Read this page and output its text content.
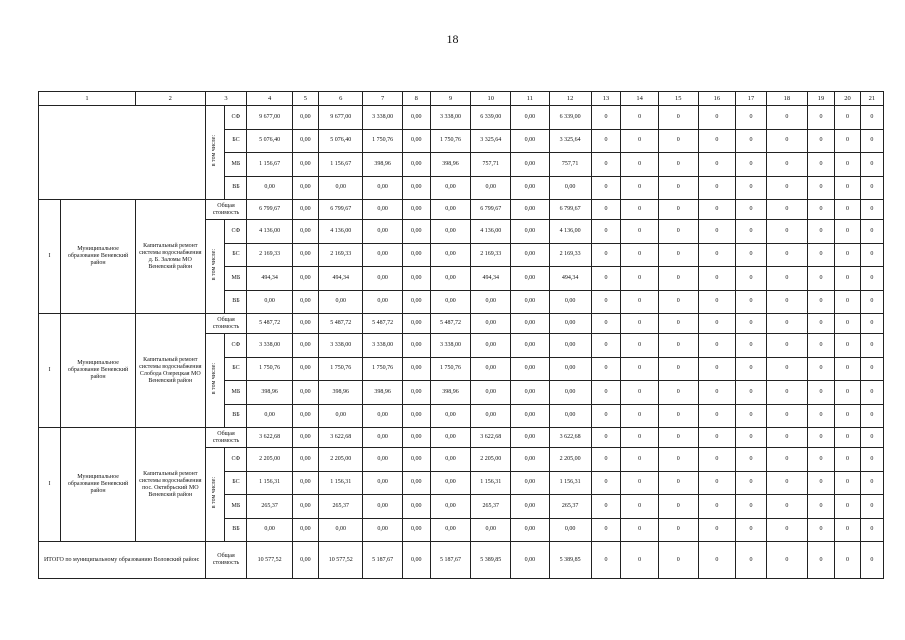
18
1		2	3		4	5	6	7	8	9	10	11	12	13	14	15	16	17	18	19	20	21
			в том числе:	СФ	9 677,00	0,00	9 677,00	3 338,00	0,00	3 338,00	6 339,00	0,00	6 339,00	0	0	0	0	0	0	0	0	0
				БС	5 076,40	0,00	5 076,40	1 750,76	0,00	1 750,76	3 325,64	0,00	3 325,64	0	0	0	0	0	0	0	0	0
				МБ	1 156,67	0,00	1 156,67	398,96	0,00	398,96	757,71	0,00	757,71	0	0	0	0	0	0	0	0	0
				ВБ	0,00	0,00	0,00	0,00	0,00	0,00	0,00	0,00	0,00	0	0	0	0	0	0	0	0	0
I	Муниципальное образование Веневский район	Капитальный ремонт системы водоснабжения д. Б. Заломы МО Веневский район	Общая стоимость		6 799,67	0,00	6 799,67	0,00	0,00	0,00	6 799,67	0,00	6 799,67	0	0	0	0	0	0	0	0	0
			в том числе:	СФ	4 136,00	0,00	4 136,00	0,00	0,00	0,00	4 136,00	0,00	4 136,00	0	0	0	0	0	0	0	0	0
				БС	2 169,33	0,00	2 169,33	0,00	0,00	0,00	2 169,33	0,00	2 169,33	0	0	0	0	0	0	0	0	0
				МБ	494,34	0,00	494,34	0,00	0,00	0,00	494,34	0,00	494,34	0	0	0	0	0	0	0	0	0
				ВБ	0,00	0,00	0,00	0,00	0,00	0,00	0,00	0,00	0,00	0	0	0	0	0	0	0	0	0
I	Муниципальное образование Веневский район	Капитальный ремонт системы водоснабжения Слобода Озерецкая МО Веневский район	Общая стоимость		5 487,72	0,00	5 487,72	5 487,72	0,00	5 487,72	0,00	0,00	0,00	0	0	0	0	0	0	0	0	0
			в том числе:	СФ	3 338,00	0,00	3 338,00	3 338,00	0,00	3 338,00	0,00	0,00	0,00	0	0	0	0	0	0	0	0	0
				БС	1 750,76	0,00	1 750,76	1 750,76	0,00	1 750,76	0,00	0,00	0,00	0	0	0	0	0	0	0	0	0
				МБ	398,96	0,00	398,96	398,96	0,00	398,96	0,00	0,00	0,00	0	0	0	0	0	0	0	0	0
				ВБ	0,00	0,00	0,00	0,00	0,00	0,00	0,00	0,00	0,00	0	0	0	0	0	0	0	0	0
I	Муниципальное образование Веневский район	Капитальный ремонт системы водоснабжения пос. Октябрьский МО Веневский район	Общая стоимость		3 622,68	0,00	3 622,68	0,00	0,00	0,00	3 622,68	0,00	3 622,68	0	0	0	0	0	0	0	0	0
			в том числе:	СФ	2 205,00	0,00	2 205,00	0,00	0,00	0,00	2 205,00	0,00	2 205,00	0	0	0	0	0	0	0	0	0
				БС	1 156,31	0,00	1 156,31	0,00	0,00	0,00	1 156,31	0,00	1 156,31	0	0	0	0	0	0	0	0	0
				МБ	265,37	0,00	265,37	0,00	0,00	0,00	265,37	0,00	265,37	0	0	0	0	0	0	0	0	0
				ВБ	0,00	0,00	0,00	0,00	0,00	0,00	0,00	0,00	0,00	0	0	0	0	0	0	0	0	0
ИТОГО по муниципальному образованию Воловский район:			Общая стоимость		10 577,52	0,00	10 577,52	5 187,67	0,00	5 187,67	5 389,85	0,00	5 389,85	0	0	0	0	0	0	0	0	0
